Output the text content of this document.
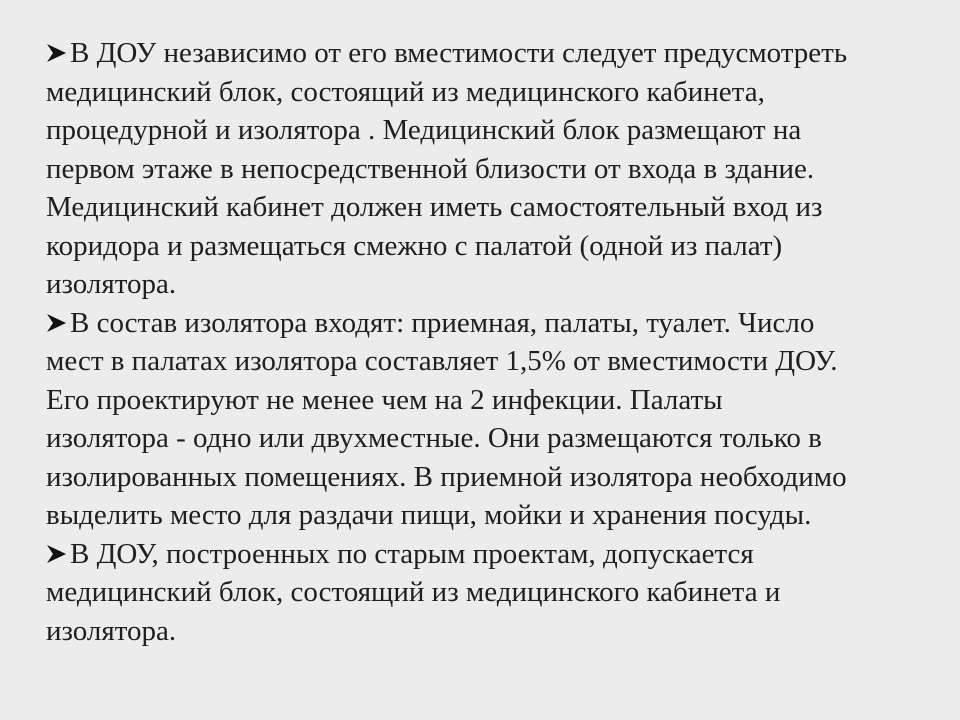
В ДОУ независимо от его вместимости следует предусмотреть
медицинский блок, состоящий из медицинского кабинета,
процедурной и изолятора . Медицинский блок размещают на
первом этаже в непосредственной близости от входа в здание.
Медицинский кабинет должен иметь самостоятельный вход из
коридора и размещаться смежно с палатой (одной из палат)
изолятора.

В состав изолятора входят: приемная, палаты, туалет. Число
мест в палатах изолятора составляет 1,5% от вместимости ДОУ.
Его проектируют не менее чем на 2 инфекции. Палаты
изолятора - одно или двухместные. Они размещаются только в
изолированных помещениях. В приемной изолятора необходимо
выделить место для раздачи пищи, мойки и хранения посуды.

В ДОУ, построенных по старым проектам, допускается
медицинский блок, состоящий из медицинского кабинета и
изолятора.
